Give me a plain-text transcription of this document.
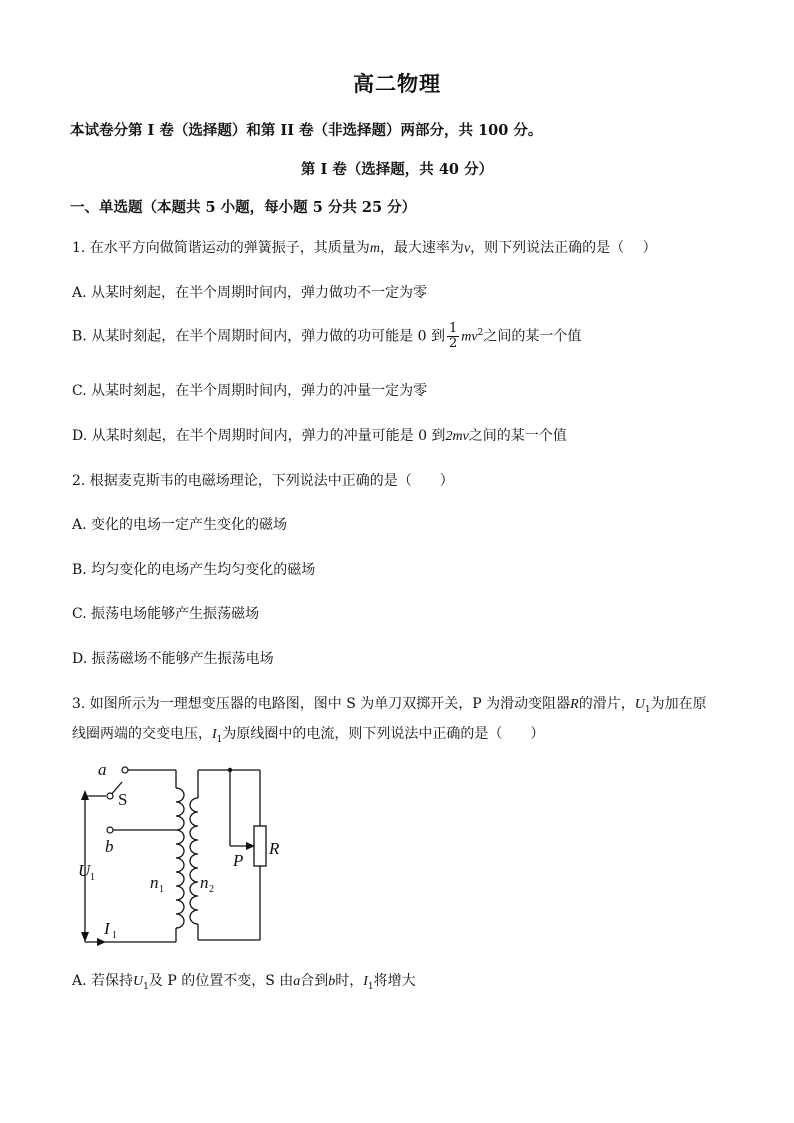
高二物理
本试卷分第 I 卷（选择题）和第 II 卷（非选择题）两部分，共 100 分。
第 I 卷（选择题，共 40 分）
一、单选题（本题共 5 小题，每小题 5 分共 25 分）
1. 在水平方向做简谐运动的弹簧振子，其质量为m，最大速率为v，则下列说法正确的是（　 ）
A. 从某时刻起，在半个周期时间内，弹力做功不一定为零
B. 从某时刻起，在半个周期时间内，弹力做的功可能是 0 到 $\frac{1}{2} mv^2$之间的某一个值
C. 从某时刻起，在半个周期时间内，弹力的冲量一定为零
D. 从某时刻起，在半个周期时间内，弹力的冲量可能是 0 到2mv之间的某一个值
2. 根据麦克斯韦的电磁场理论，下列说法中正确的是（　　）
A. 变化的电场一定产生变化的磁场
B. 均匀变化的电场产生均匀变化的磁场
C. 振荡电场能够产生振荡磁场
D. 振荡磁场不能够产生振荡电场
3. 如图所示为一理想变压器的电路图，图中 S 为单刀双掷开关，P 为滑动变阻器R的滑片，$U_1$为加在原
线圈两端的交变电压，$I_1$为原线圈中的电流，则下列说法中正确的是（　　）
a
S
b
U 1	n 1 n 2
P
R
I 1
A. 若保持$U_1$及 P 的位置不变，S 由a合到b时，$I_1$将增大
